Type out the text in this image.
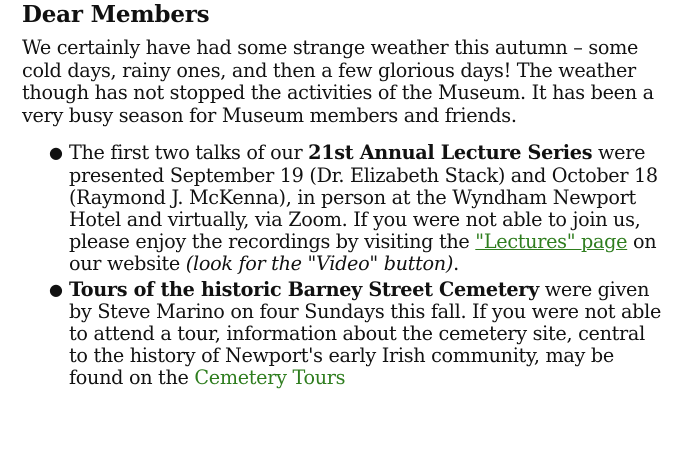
Dear Members

We certainly have had some strange weather this autumn – some cold days, rainy ones, and then a few glorious days! The weather though has not stopped the activities of the Museum. It has been a very busy season for Museum members and friends.

● The first two talks of our 21st Annual Lecture Series were presented September 19 (Dr. Elizabeth Stack) and October 18 (Raymond J. McKenna), in person at the Wyndham Newport Hotel and virtually, via Zoom. If you were not able to join us, please enjoy the recordings by visiting the "Lectures" page on our website (look for the "Video" button).
● Tours of the historic Barney Street Cemetery were given by Steve Marino on four Sundays this fall. If you were not able to attend a tour, information about the cemetery site, central to the history of Newport's early Irish community, may be found on the Cemetery Tours
